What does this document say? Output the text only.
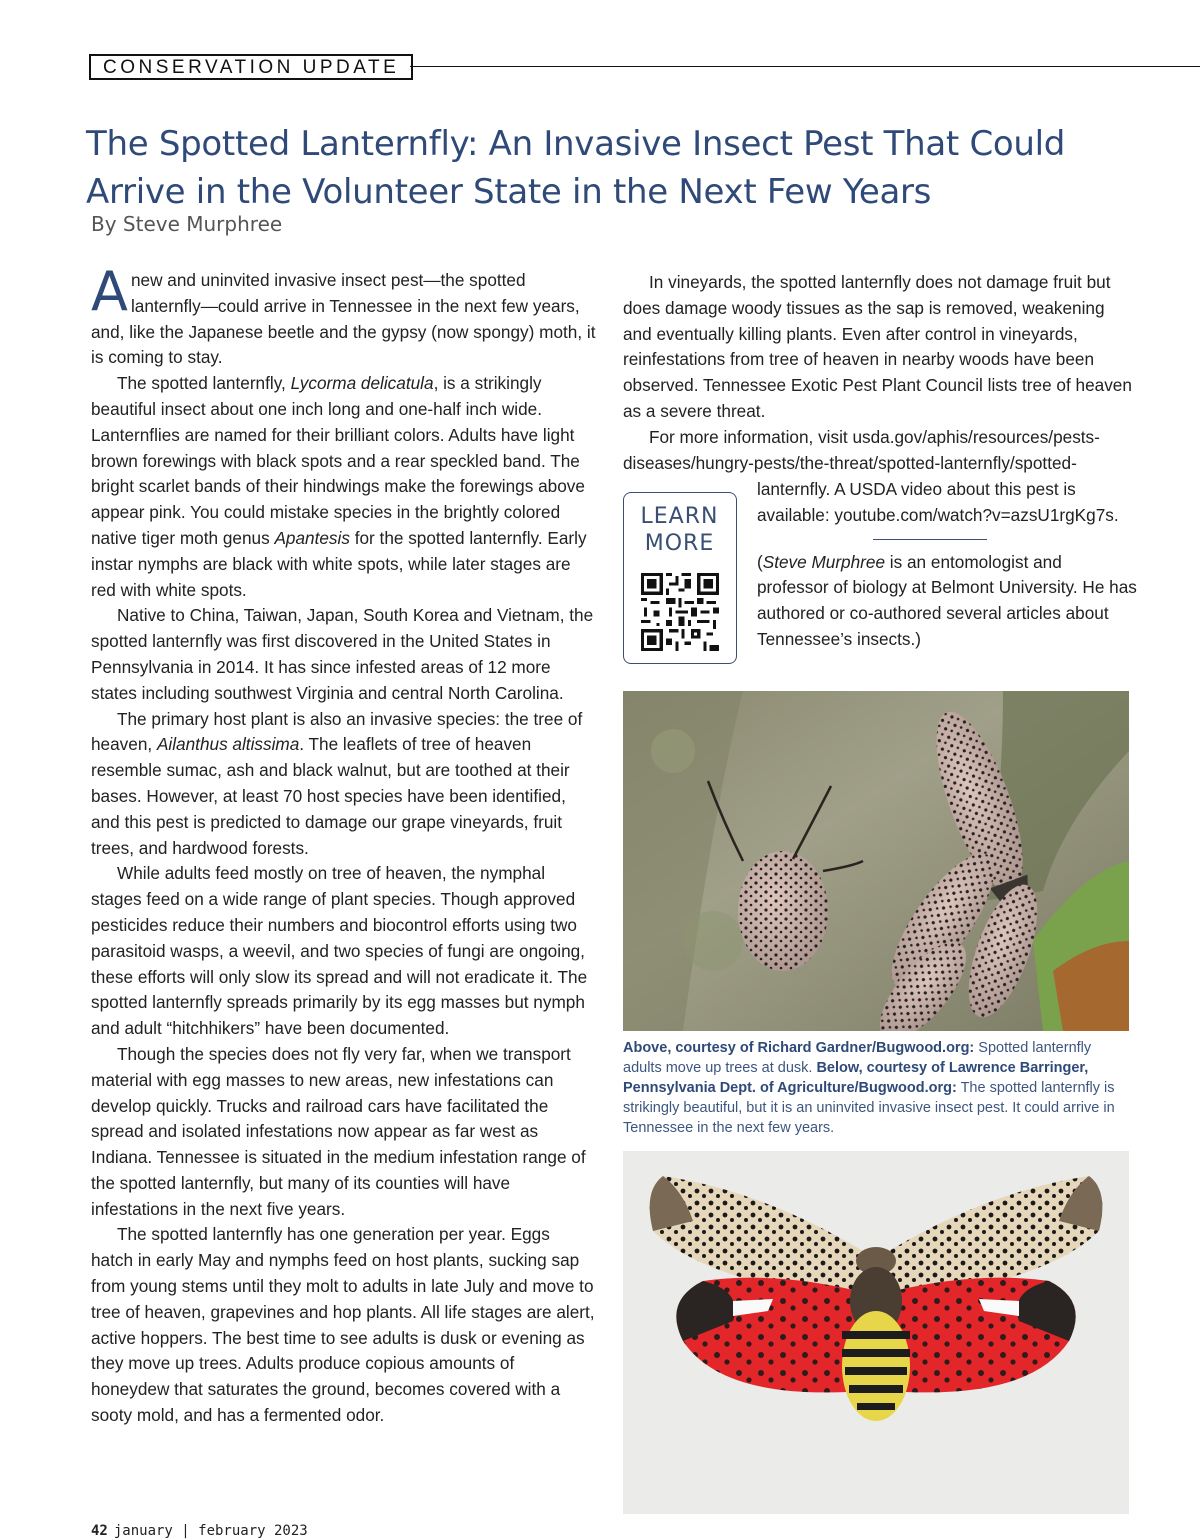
CONSERVATION UPDATE
The Spotted Lanternfly: An Invasive Insect Pest That Could Arrive in the Volunteer State in the Next Few Years
By Steve Murphree

Anew and uninvited invasive insect pest—the spotted lanternfly—could arrive in Tennessee in the next few years, and, like the Japanese beetle and the gypsy (now spongy) moth, it is coming to stay.

The spotted lanternfly, Lycorma delicatula, is a strikingly beautiful insect about one inch long and one-half inch wide. Lanternflies are named for their brilliant colors. Adults have light brown forewings with black spots and a rear speckled band. The bright scarlet bands of their hindwings make the forewings above appear pink. You could mistake species in the brightly colored native tiger moth genus Apantesis for the spotted lanternfly. Early instar nymphs are black with white spots, while later stages are red with white spots.

Native to China, Taiwan, Japan, South Korea and Vietnam, the spotted lanternfly was first discovered in the United States in Pennsylvania in 2014. It has since infested areas of 12 more states including southwest Virginia and central North Carolina.

The primary host plant is also an invasive species: the tree of heaven, Ailanthus altissima. The leaflets of tree of heaven resemble sumac, ash and black walnut, but are toothed at their bases. However, at least 70 host species have been identified, and this pest is predicted to damage our grape vineyards, fruit trees, and hardwood forests.

While adults feed mostly on tree of heaven, the nymphal stages feed on a wide range of plant species. Though approved pesticides reduce their numbers and biocontrol efforts using two parasitoid wasps, a weevil, and two species of fungi are ongoing, these efforts will only slow its spread and will not eradicate it. The spotted lanternfly spreads primarily by its egg masses but nymph and adult “hitchhikers” have been documented.

Though the species does not fly very far, when we transport material with egg masses to new areas, new infestations can develop quickly. Trucks and railroad cars have facilitated the spread and isolated infestations now appear as far west as Indiana. Tennessee is situated in the medium infestation range of the spotted lanternfly, but many of its counties will have infestations in the next five years.

The spotted lanternfly has one generation per year. Eggs hatch in early May and nymphs feed on host plants, sucking sap from young stems until they molt to adults in late July and move to tree of heaven, grapevines and hop plants. All life stages are alert, active hoppers. The best time to see adults is dusk or evening as they move up trees. Adults produce copious amounts of honeydew that saturates the ground, becomes covered with a sooty mold, and has a fermented odor.

In vineyards, the spotted lanternfly does not damage fruit but does damage woody tissues as the sap is removed, weakening and eventually killing plants. Even after control in vineyards, reinfestations from tree of heaven in nearby woods have been observed. Tennessee Exotic Pest Plant Council lists tree of heaven as a severe threat.

For more information, visit usda.gov/aphis/resources/pests-diseases/hungry-pests/the-threat/spotted-lanternfly/spotted-

LEARN
MORE
lanternfly. A USDA video about this pest is available: youtube.com/watch?v=azsU1rgKg7s.

(Steve Murphree is an entomologist and professor of biology at Belmont University. He has authored or co-authored several articles about Tennessee’s insects.)

Above, courtesy of Richard Gardner/Bugwood.org: Spotted lanternfly adults move up trees at dusk. Below, courtesy of Lawrence Barringer, Pennsylvania Dept. of Agriculture/Bugwood.org: The spotted lanternfly is strikingly beautiful, but it is an uninvited invasive insect pest. It could arrive in Tennessee in the next few years.
42 january | february 2023
